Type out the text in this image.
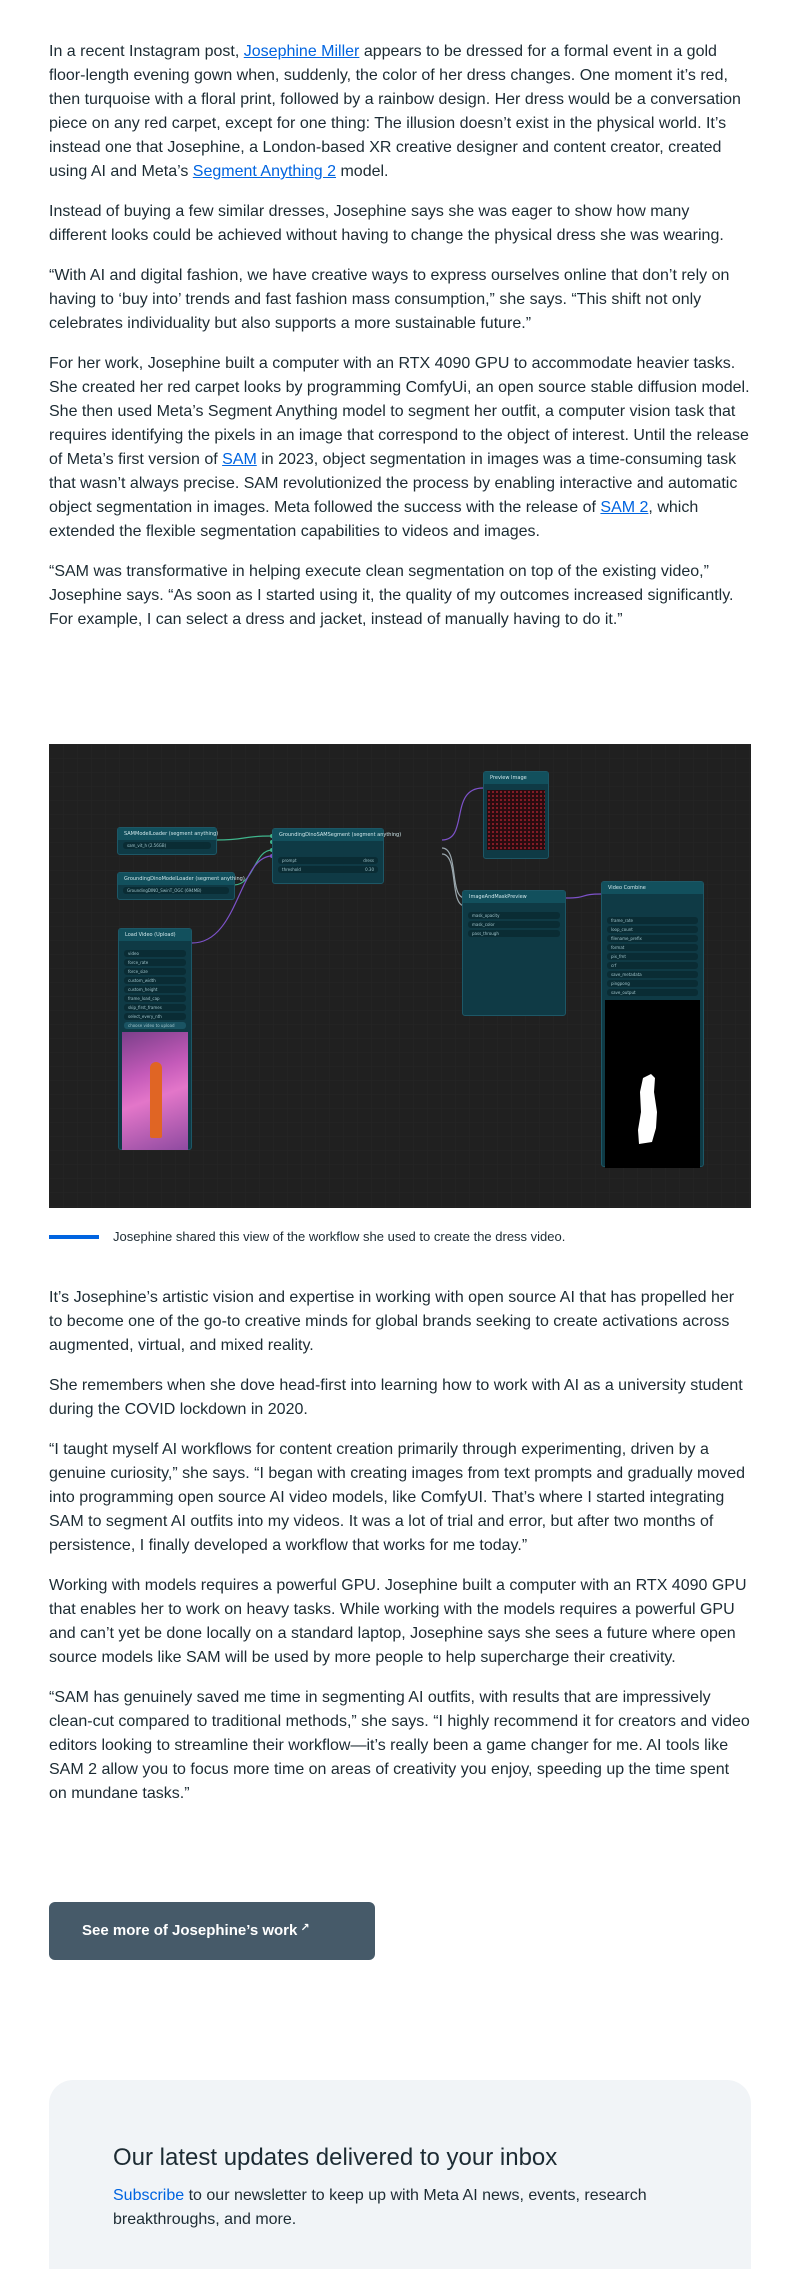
In a recent Instagram post, Josephine Miller appears to be dressed for a formal event in a gold floor-length evening gown when, suddenly, the color of her dress changes. One moment it’s red, then turquoise with a floral print, followed by a rainbow design. Her dress would be a conversation piece on any red carpet, except for one thing: The illusion doesn’t exist in the physical world. It’s instead one that Josephine, a London-based XR creative designer and content creator, created using AI and Meta’s Segment Anything 2 model.

Instead of buying a few similar dresses, Josephine says she was eager to show how many different looks could be achieved without having to change the physical dress she was wearing.

“With AI and digital fashion, we have creative ways to express ourselves online that don’t rely on having to ‘buy into’ trends and fast fashion mass consumption,” she says. “This shift not only celebrates individuality but also supports a more sustainable future.”

For her work, Josephine built a computer with an RTX 4090 GPU to accommodate heavier tasks. She created her red carpet looks by programming ComfyUi, an open source stable diffusion model. She then used Meta’s Segment Anything model to segment her outfit, a computer vision task that requires identifying the pixels in an image that correspond to the object of interest. Until the release of Meta’s first version of SAM in 2023, object segmentation in images was a time-consuming task that wasn’t always precise. SAM revolutionized the process by enabling interactive and automatic object segmentation in images. Meta followed the success with the release of SAM 2, which extended the flexible segmentation capabilities to videos and images.

“SAM was transformative in helping execute clean segmentation on top of the existing video,” Josephine says. “As soon as I started using it, the quality of my outcomes increased significantly. For example, I can select a dress and jacket, instead of manually having to do it.”

SAMModelLoader (segment anything)
sam_vit_h (2.56GB)
GroundingDinoModelLoader (segment anything)
GroundingDINO_SwinT_OGC (694MB)
Load Video (Upload)

video
force_rate
force_size
custom_width
custom_height
frame_load_cap
skip_first_frames
select_every_nth
choose video to upload
GroundingDinoSAMSegment (segment anything)

prompt	dress
threshold	0.30
Preview Image
ImageAndMaskPreview

mask_opacity
mask_color
pass_through
Video Combine

frame_rate
loop_count
filename_prefix
format
pix_fmt
crf
save_metadata
pingpong
save_output
Josephine shared this view of the workflow she used to create the dress video.

It’s Josephine’s artistic vision and expertise in working with open source AI that has propelled her to become one of the go-to creative minds for global brands seeking to create activations across augmented, virtual, and mixed reality.

She remembers when she dove head-first into learning how to work with AI as a university student during the COVID lockdown in 2020.

“I taught myself AI workflows for content creation primarily through experimenting, driven by a genuine curiosity,” she says. “I began with creating images from text prompts and gradually moved into programming open source AI video models, like ComfyUI. That’s where I started integrating SAM to segment AI outfits into my videos. It was a lot of trial and error, but after two months of persistence, I finally developed a workflow that works for me today.”

Working with models requires a powerful GPU. Josephine built a computer with an RTX 4090 GPU that enables her to work on heavy tasks. While working with the models requires a powerful GPU and can’t yet be done locally on a standard laptop, Josephine says she sees a future where open source models like SAM will be used by more people to help supercharge their creativity.

“SAM has genuinely saved me time in segmenting AI outfits, with results that are impressively clean-cut compared to traditional methods,” she says. “I highly recommend it for creators and video editors looking to streamline their workflow—it’s really been a game changer for me. AI tools like SAM 2 allow you to focus more time on areas of creativity you enjoy, speeding up the time spent on mundane tasks.”

See more of Josephine’s work ↗
Our latest updates delivered to your inbox

Subscribe to our newsletter to keep up with Meta AI news, events, research breakthroughs, and more.
